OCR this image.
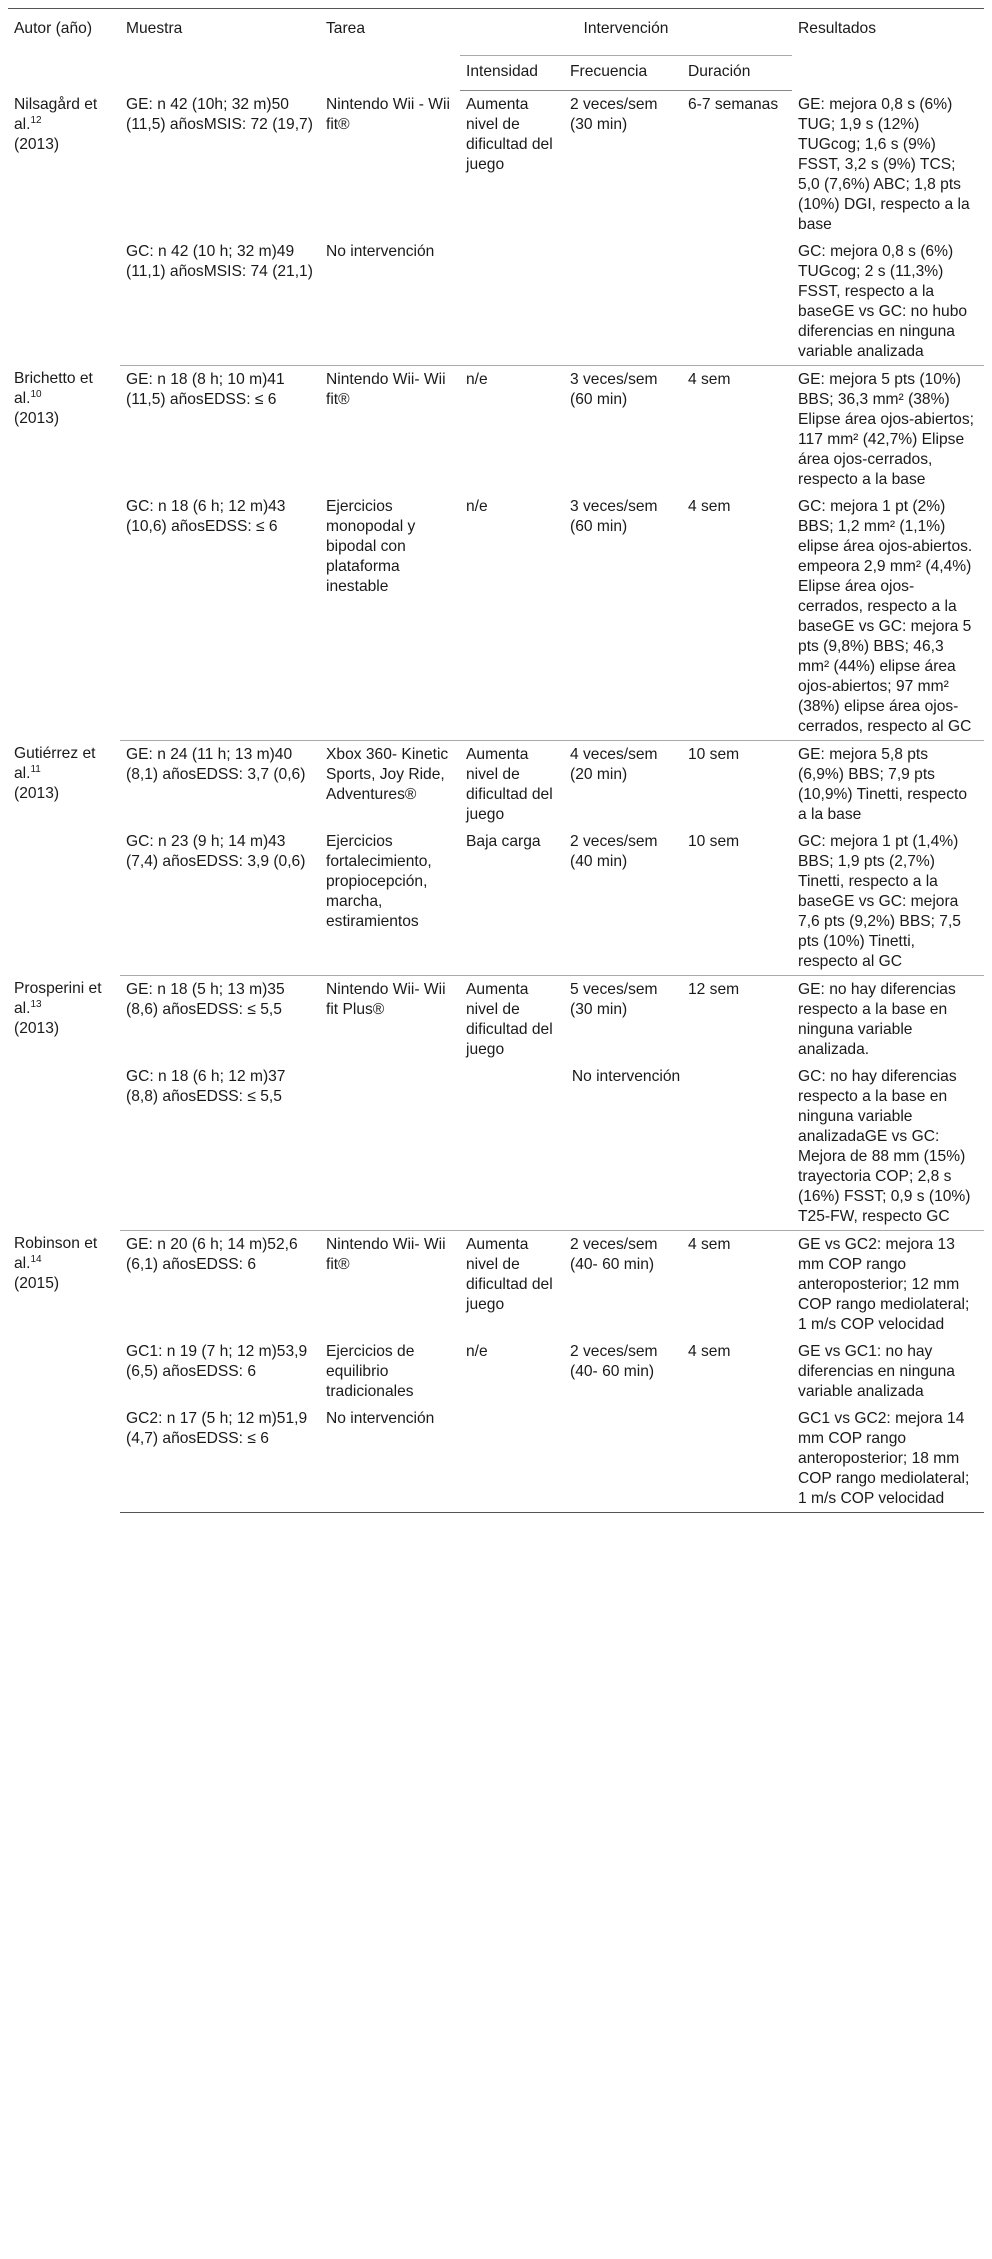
Autor (año)	Muestra	Tarea	Intervención			Resultados
			Intensidad	Frecuencia	Duración	
Nilsagård et al.$^{12}$
(2013)	GE: n 42 (10h; 32 m)50 (11,5) añosMSIS: 72 (19,7)	Nintendo Wii - Wii fit®	Aumenta nivel de dificultad del juego	2 veces/sem (30 min)	6-7 semanas	GE: mejora 0,8 s (6%) TUG; 1,9 s (12%) TUGcog; 1,6 s (9%) FSST, 3,2 s (9%) TCS; 5,0 (7,6%) ABC; 1,8 pts (10%) DGI, respecto a la base
	GC: n 42 (10 h; 32 m)49 (11,1) añosMSIS: 74 (21,1)	No intervención				GC: mejora 0,8 s (6%) TUGcog; 2 s (11,3%) FSST, respecto a la baseGE vs GC: no hubo diferencias en ninguna variable analizada
Brichetto et al.$^{10}$
(2013)	GE: n 18 (8 h; 10 m)41 (11,5) añosEDSS: ≤ 6	Nintendo Wii- Wii fit®	n/e	3 veces/sem (60 min)	4 sem	GE: mejora 5 pts (10%) BBS; 36,3 mm² (38%) Elipse área ojos-abiertos; 117 mm² (42,7%) Elipse área ojos-cerrados, respecto a la base
	GC: n 18 (6 h; 12 m)43 (10,6) añosEDSS: ≤ 6	Ejercicios monopodal y bipodal con plataforma inestable	n/e	3 veces/sem (60 min)	4 sem	GC: mejora 1 pt (2%) BBS; 1,2 mm² (1,1%) elipse área ojos-abiertos. empeora 2,9 mm² (4,4%) Elipse área ojos-cerrados, respecto a la baseGE vs GC: mejora 5 pts (9,8%) BBS; 46,3 mm² (44%) elipse área ojos-abiertos; 97 mm² (38%) elipse área ojos-cerrados, respecto al GC
Gutiérrez et al.$^{11}$
(2013)	GE: n 24 (11 h; 13 m)40 (8,1) añosEDSS: 3,7 (0,6)	Xbox 360- Kinetic Sports, Joy Ride, Adventures®	Aumenta nivel de dificultad del juego	4 veces/sem (20 min)	10 sem	GE: mejora 5,8 pts (6,9%) BBS; 7,9 pts (10,9%) Tinetti, respecto a la base
	GC: n 23 (9 h; 14 m)43 (7,4) añosEDSS: 3,9 (0,6)	Ejercicios fortalecimiento, propiocepción, marcha, estiramientos	Baja carga	2 veces/sem (40 min)	10 sem	GC: mejora 1 pt (1,4%) BBS; 1,9 pts (2,7%) Tinetti, respecto a la baseGE vs GC: mejora 7,6 pts (9,2%) BBS; 7,5 pts (10%) Tinetti, respecto al GC
Prosperini et al.$^{13}$
(2013)	GE: n 18 (5 h; 13 m)35 (8,6) añosEDSS: ≤ 5,5	Nintendo Wii- Wii fit Plus®	Aumenta nivel de dificultad del juego	5 veces/sem (30 min)	12 sem	GE: no hay diferencias respecto a la base en ninguna variable analizada.
	GC: n 18 (6 h; 12 m)37 (8,8) añosEDSS: ≤ 5,5		No intervención			GC: no hay diferencias respecto a la base en ninguna variable analizadaGE vs GC: Mejora de 88 mm (15%) trayectoria COP; 2,8 s (16%) FSST; 0,9 s (10%) T25-FW, respecto GC
Robinson et al.$^{14}$
(2015)	GE: n 20 (6 h; 14 m)52,6 (6,1) añosEDSS: 6	Nintendo Wii- Wii fit®	Aumenta nivel de dificultad del juego	2 veces/sem (40- 60 min)	4 sem	GE vs GC2: mejora 13 mm COP rango anteroposterior; 12 mm COP rango mediolateral; 1 m/s COP velocidad
	GC1: n 19 (7 h; 12 m)53,9 (6,5) añosEDSS: 6	Ejercicios de equilibrio tradicionales	n/e	2 veces/sem (40- 60 min)	4 sem	GE vs GC1: no hay diferencias en ninguna variable analizada
	GC2: n 17 (5 h; 12 m)51,9 (4,7) añosEDSS: ≤ 6	No intervención				GC1 vs GC2: mejora 14 mm COP rango anteroposterior; 18 mm COP rango mediolateral; 1 m/s COP velocidad
